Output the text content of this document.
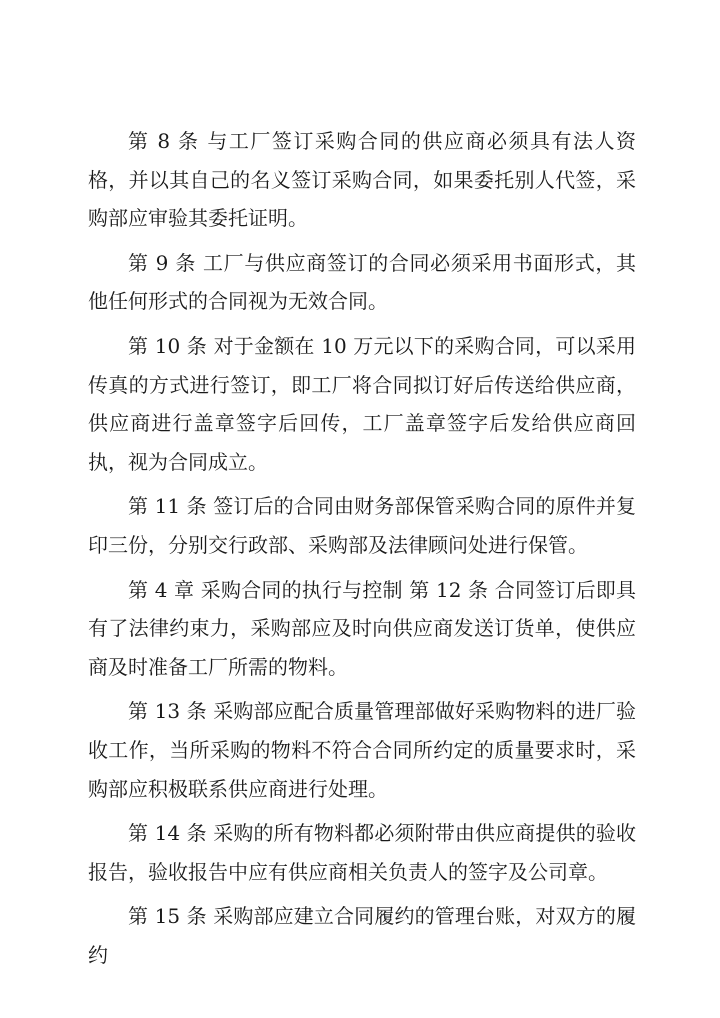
第 8 条 与工厂签订采购合同的供应商必须具有法人资格，并以其自己的名义签订采购合同，如果委托别人代签，采购部应审验其委托证明。

第 9 条 工厂与供应商签订的合同必须采用书面形式，其他任何形式的合同视为无效合同。

第 10 条 对于金额在 10 万元以下的采购合同，可以采用传真的方式进行签订，即工厂将合同拟订好后传送给供应商，供应商进行盖章签字后回传，工厂盖章签字后发给供应商回执，视为合同成立。

第 11 条 签订后的合同由财务部保管采购合同的原件并复印三份，分别交行政部、采购部及法律顾问处进行保管。

第 4 章 采购合同的执行与控制 第 12 条 合同签订后即具有了法律约束力，采购部应及时向供应商发送订货单，使供应商及时准备工厂所需的物料。

第 13 条 采购部应配合质量管理部做好采购物料的进厂验收工作，当所采购的物料不符合合同所约定的质量要求时，采购部应积极联系供应商进行处理。

第 14 条 采购的所有物料都必须附带由供应商提供的验收报告，验收报告中应有供应商相关负责人的签字及公司章。

第 15 条 采购部应建立合同履约的管理台账，对双方的履约
